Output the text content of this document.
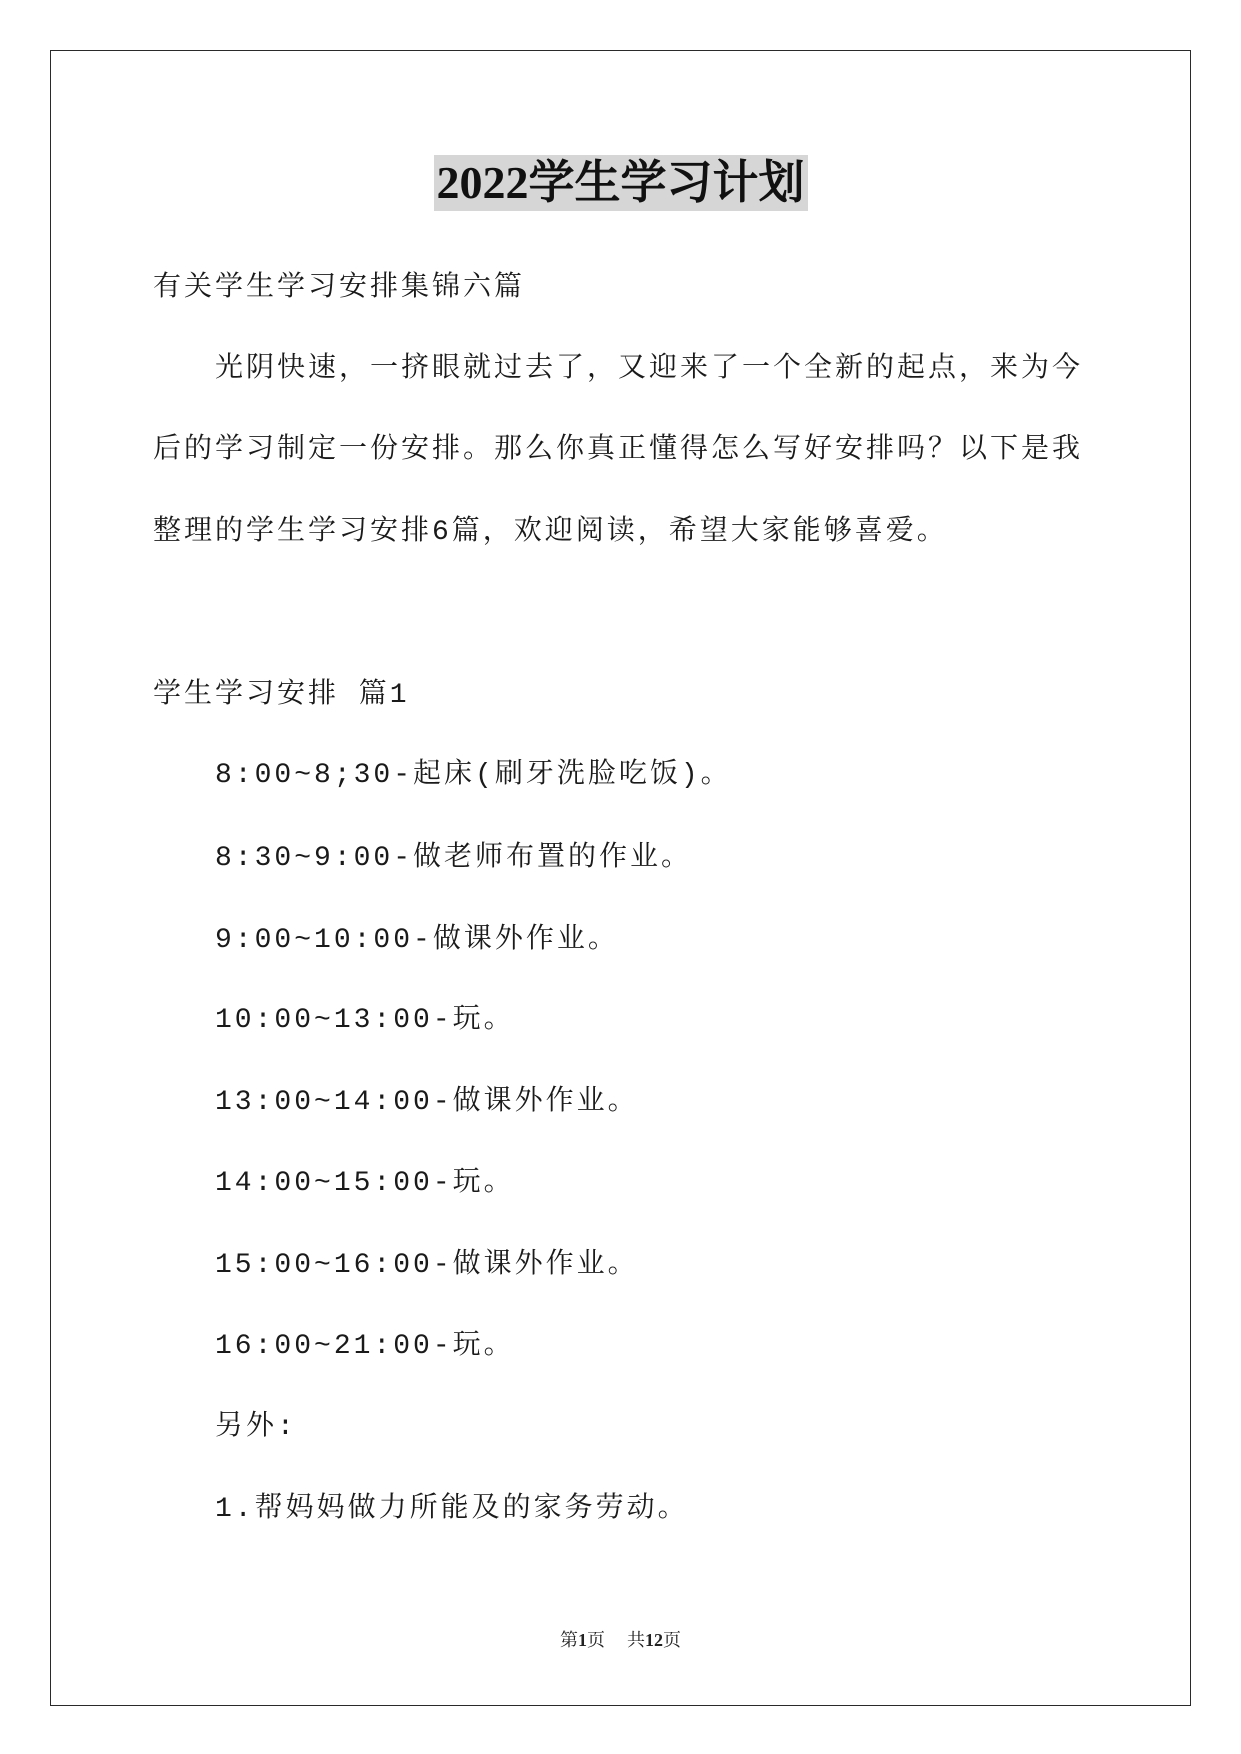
2022学生学习计划
有关学生学习安排集锦六篇
光阴快速，一挤眼就过去了，又迎来了一个全新的起点，来为今
后的学习制定一份安排。那么你真正懂得怎么写好安排吗？以下是我
整理的学生学习安排6篇，欢迎阅读，希望大家能够喜爱。
学生学习安排 篇1
8:00~8;30-起床(刷牙洗脸吃饭)。
8:30~9:00-做老师布置的作业。
9:00~10:00-做课外作业。
10:00~13:00-玩。
13:00~14:00-做课外作业。
14:00~15:00-玩。
15:00~16:00-做课外作业。
16:00~21:00-玩。
另外:
1.帮妈妈做力所能及的家务劳动。
第1页 共12页
